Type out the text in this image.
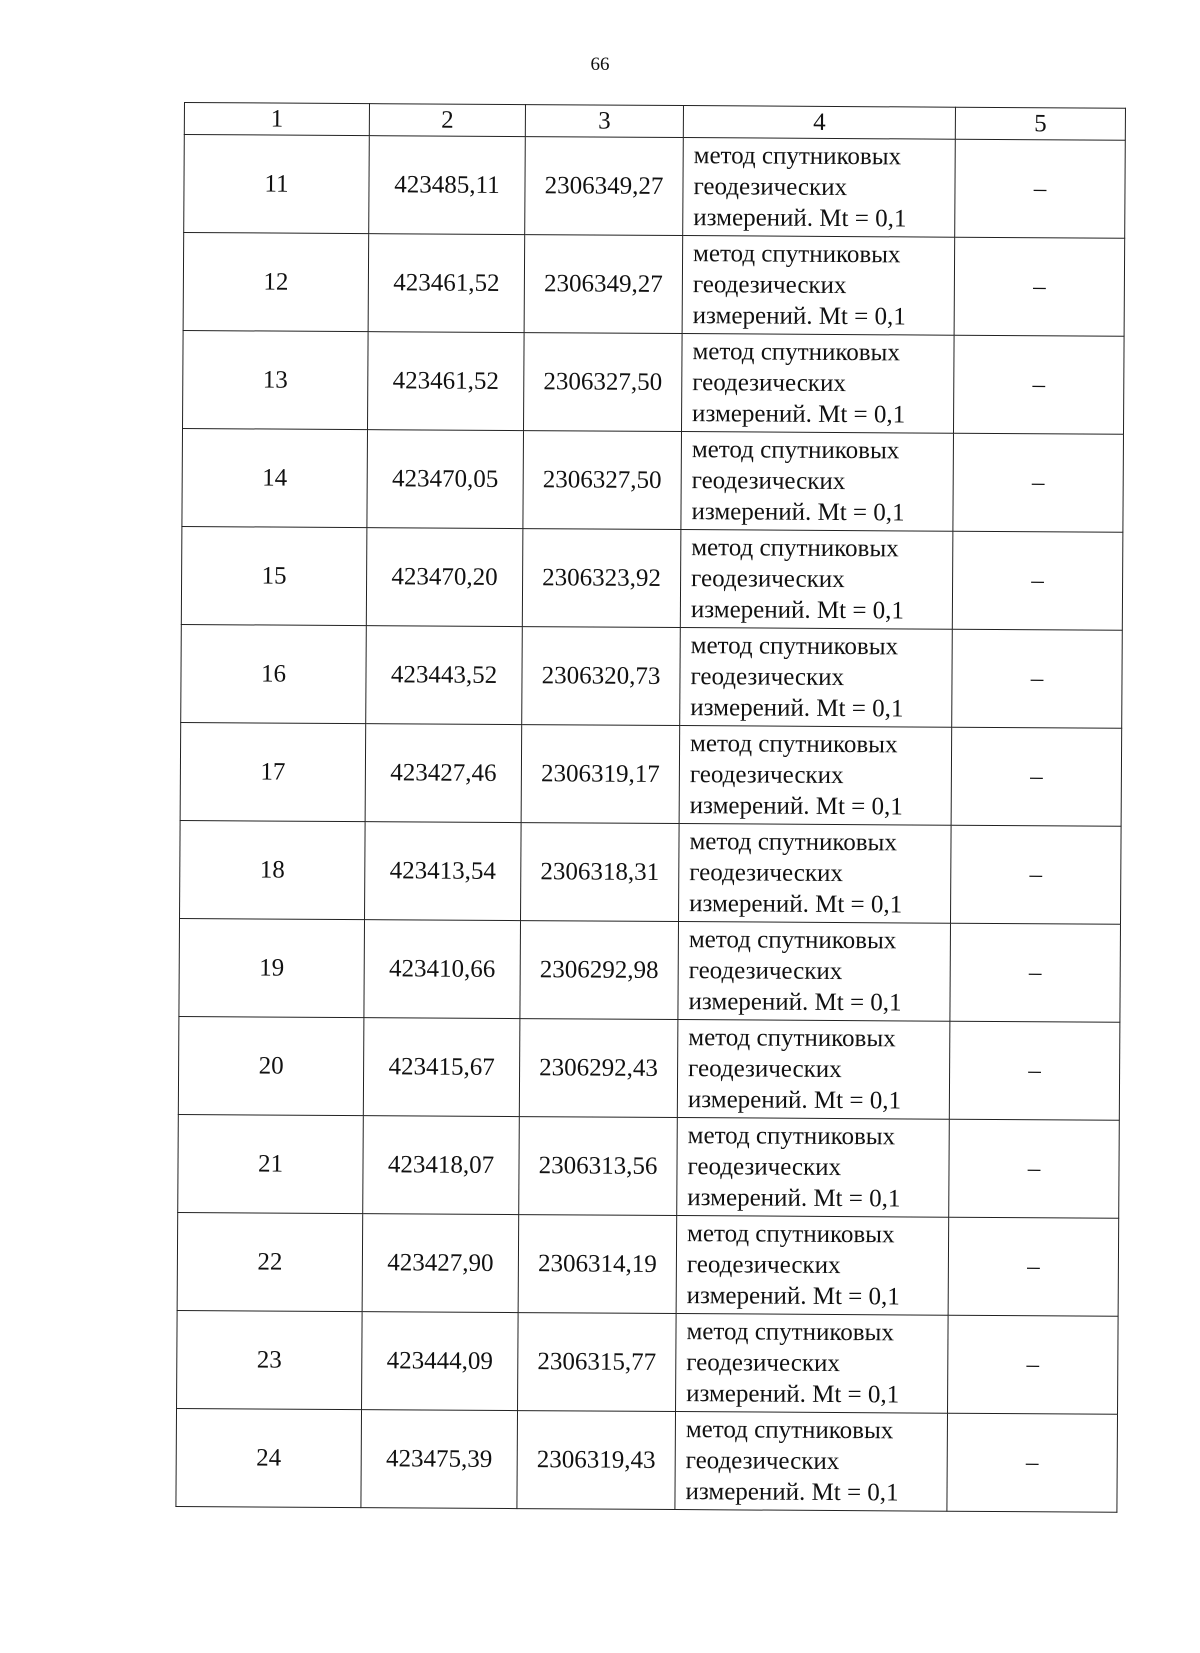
66
1	2	3	4	5
11	423485,11	2306349,27	метод спутниковых
геодезических
измерений. Mt = 0,1	–
12	423461,52	2306349,27	метод спутниковых
геодезических
измерений. Mt = 0,1	–
13	423461,52	2306327,50	метод спутниковых
геодезических
измерений. Mt = 0,1	–
14	423470,05	2306327,50	метод спутниковых
геодезических
измерений. Mt = 0,1	–
15	423470,20	2306323,92	метод спутниковых
геодезических
измерений. Mt = 0,1	–
16	423443,52	2306320,73	метод спутниковых
геодезических
измерений. Mt = 0,1	–
17	423427,46	2306319,17	метод спутниковых
геодезических
измерений. Mt = 0,1	–
18	423413,54	2306318,31	метод спутниковых
геодезических
измерений. Mt = 0,1	–
19	423410,66	2306292,98	метод спутниковых
геодезических
измерений. Mt = 0,1	–
20	423415,67	2306292,43	метод спутниковых
геодезических
измерений. Mt = 0,1	–
21	423418,07	2306313,56	метод спутниковых
геодезических
измерений. Mt = 0,1	–
22	423427,90	2306314,19	метод спутниковых
геодезических
измерений. Mt = 0,1	–
23	423444,09	2306315,77	метод спутниковых
геодезических
измерений. Mt = 0,1	–
24	423475,39	2306319,43	метод спутниковых
геодезических
измерений. Mt = 0,1	–
